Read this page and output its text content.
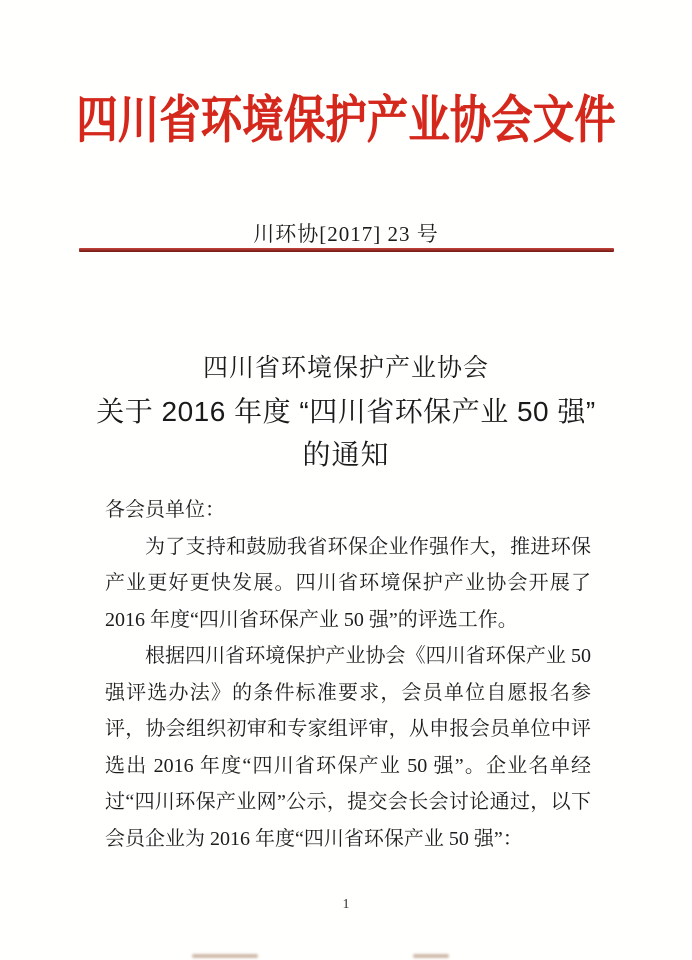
四川省环境保护产业协会文件
川环协[2017] 23 号
四川省环境保护产业协会
关于 2016 年度 “四川省环保产业 50 强”
的通知

各会员单位：

为了支持和鼓励我省环保企业作强作大，推进环保产业更好更快发展。四川省环境保护产业协会开展了 2016 年度“四川省环保产业 50 强”的评选工作。

根据四川省环境保护产业协会《四川省环保产业 50 强评选办法》的条件标准要求，会员单位自愿报名参评，协会组织初审和专家组评审，从申报会员单位中评选出 2016 年度“四川省环保产业 50 强”。企业名单经过“四川环保产业网”公示，提交会长会讨论通过，以下会员企业为 2016 年度“四川省环保产业 50 强”：

1
